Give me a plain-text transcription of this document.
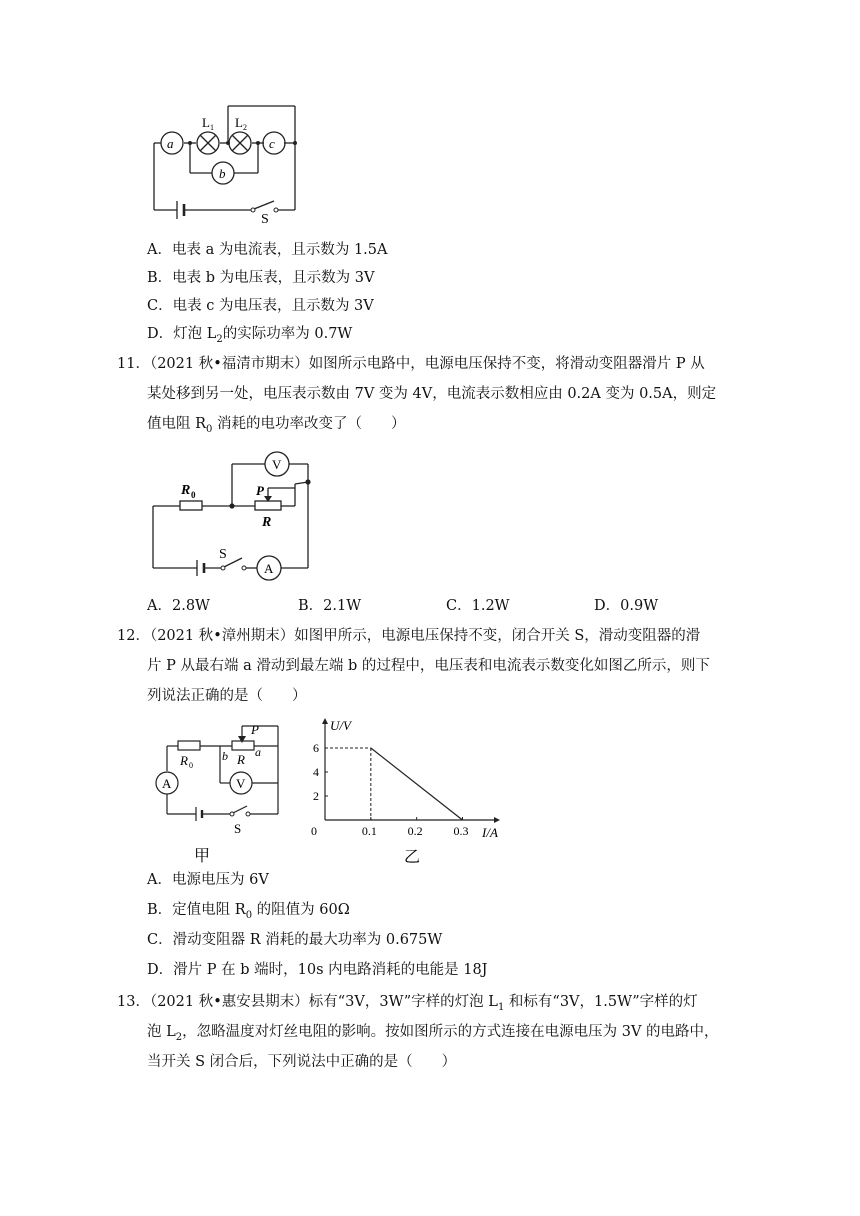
a
b
c
L 1 L 2
S
A．电表 a 为电流表，且示数为 1.5A
B．电表 b 为电压表，且示数为 3V
C．电表 c 为电压表，且示数为 3V
D．灯泡 $L_2$的实际功率为 0.7W
11．（2021 秋•福清市期末）如图所示电路中，电源电压保持不变，将滑动变阻器滑片 P 从
某处移到另一处，电压表示数由 7V 变为 4V，电流表示数相应由 0.2A 变为 0.5A，则定
值电阻 $R_0$ 消耗的电功率改变了（　　）
R 0	P
R
V
A
S
A．2.8W	B．2.1W	C．1.2W	D．0.9W
12．（2021 秋•漳州期末）如图甲所示，电源电压保持不变，闭合开关 S，滑动变阻器的滑
片 P 从最右端 a 滑动到最左端 b 的过程中，电压表和电流表示数变化如图乙所示，则下
列说法正确的是（　　）
R 0
P
R a
b
A	V
S
甲
0.1	0.2	0.3
2
4
6
U/V
I/A
0
乙
A．电源电压为 6V
B．定值电阻 $R_0$ 的阻值为 60Ω
C．滑动变阻器 R 消耗的最大功率为 0.675W
D．滑片 P 在 b 端时，10s 内电路消耗的电能是 18J
13．（2021 秋•惠安县期末）标有“3V，3W”字样的灯泡 $L_1$ 和标有“3V，1.5W”字样的灯
泡 $L_2$，忽略温度对灯丝电阻的影响。按如图所示的方式连接在电源电压为 3V 的电路中，
当开关 S 闭合后，下列说法中正确的是（　　）
